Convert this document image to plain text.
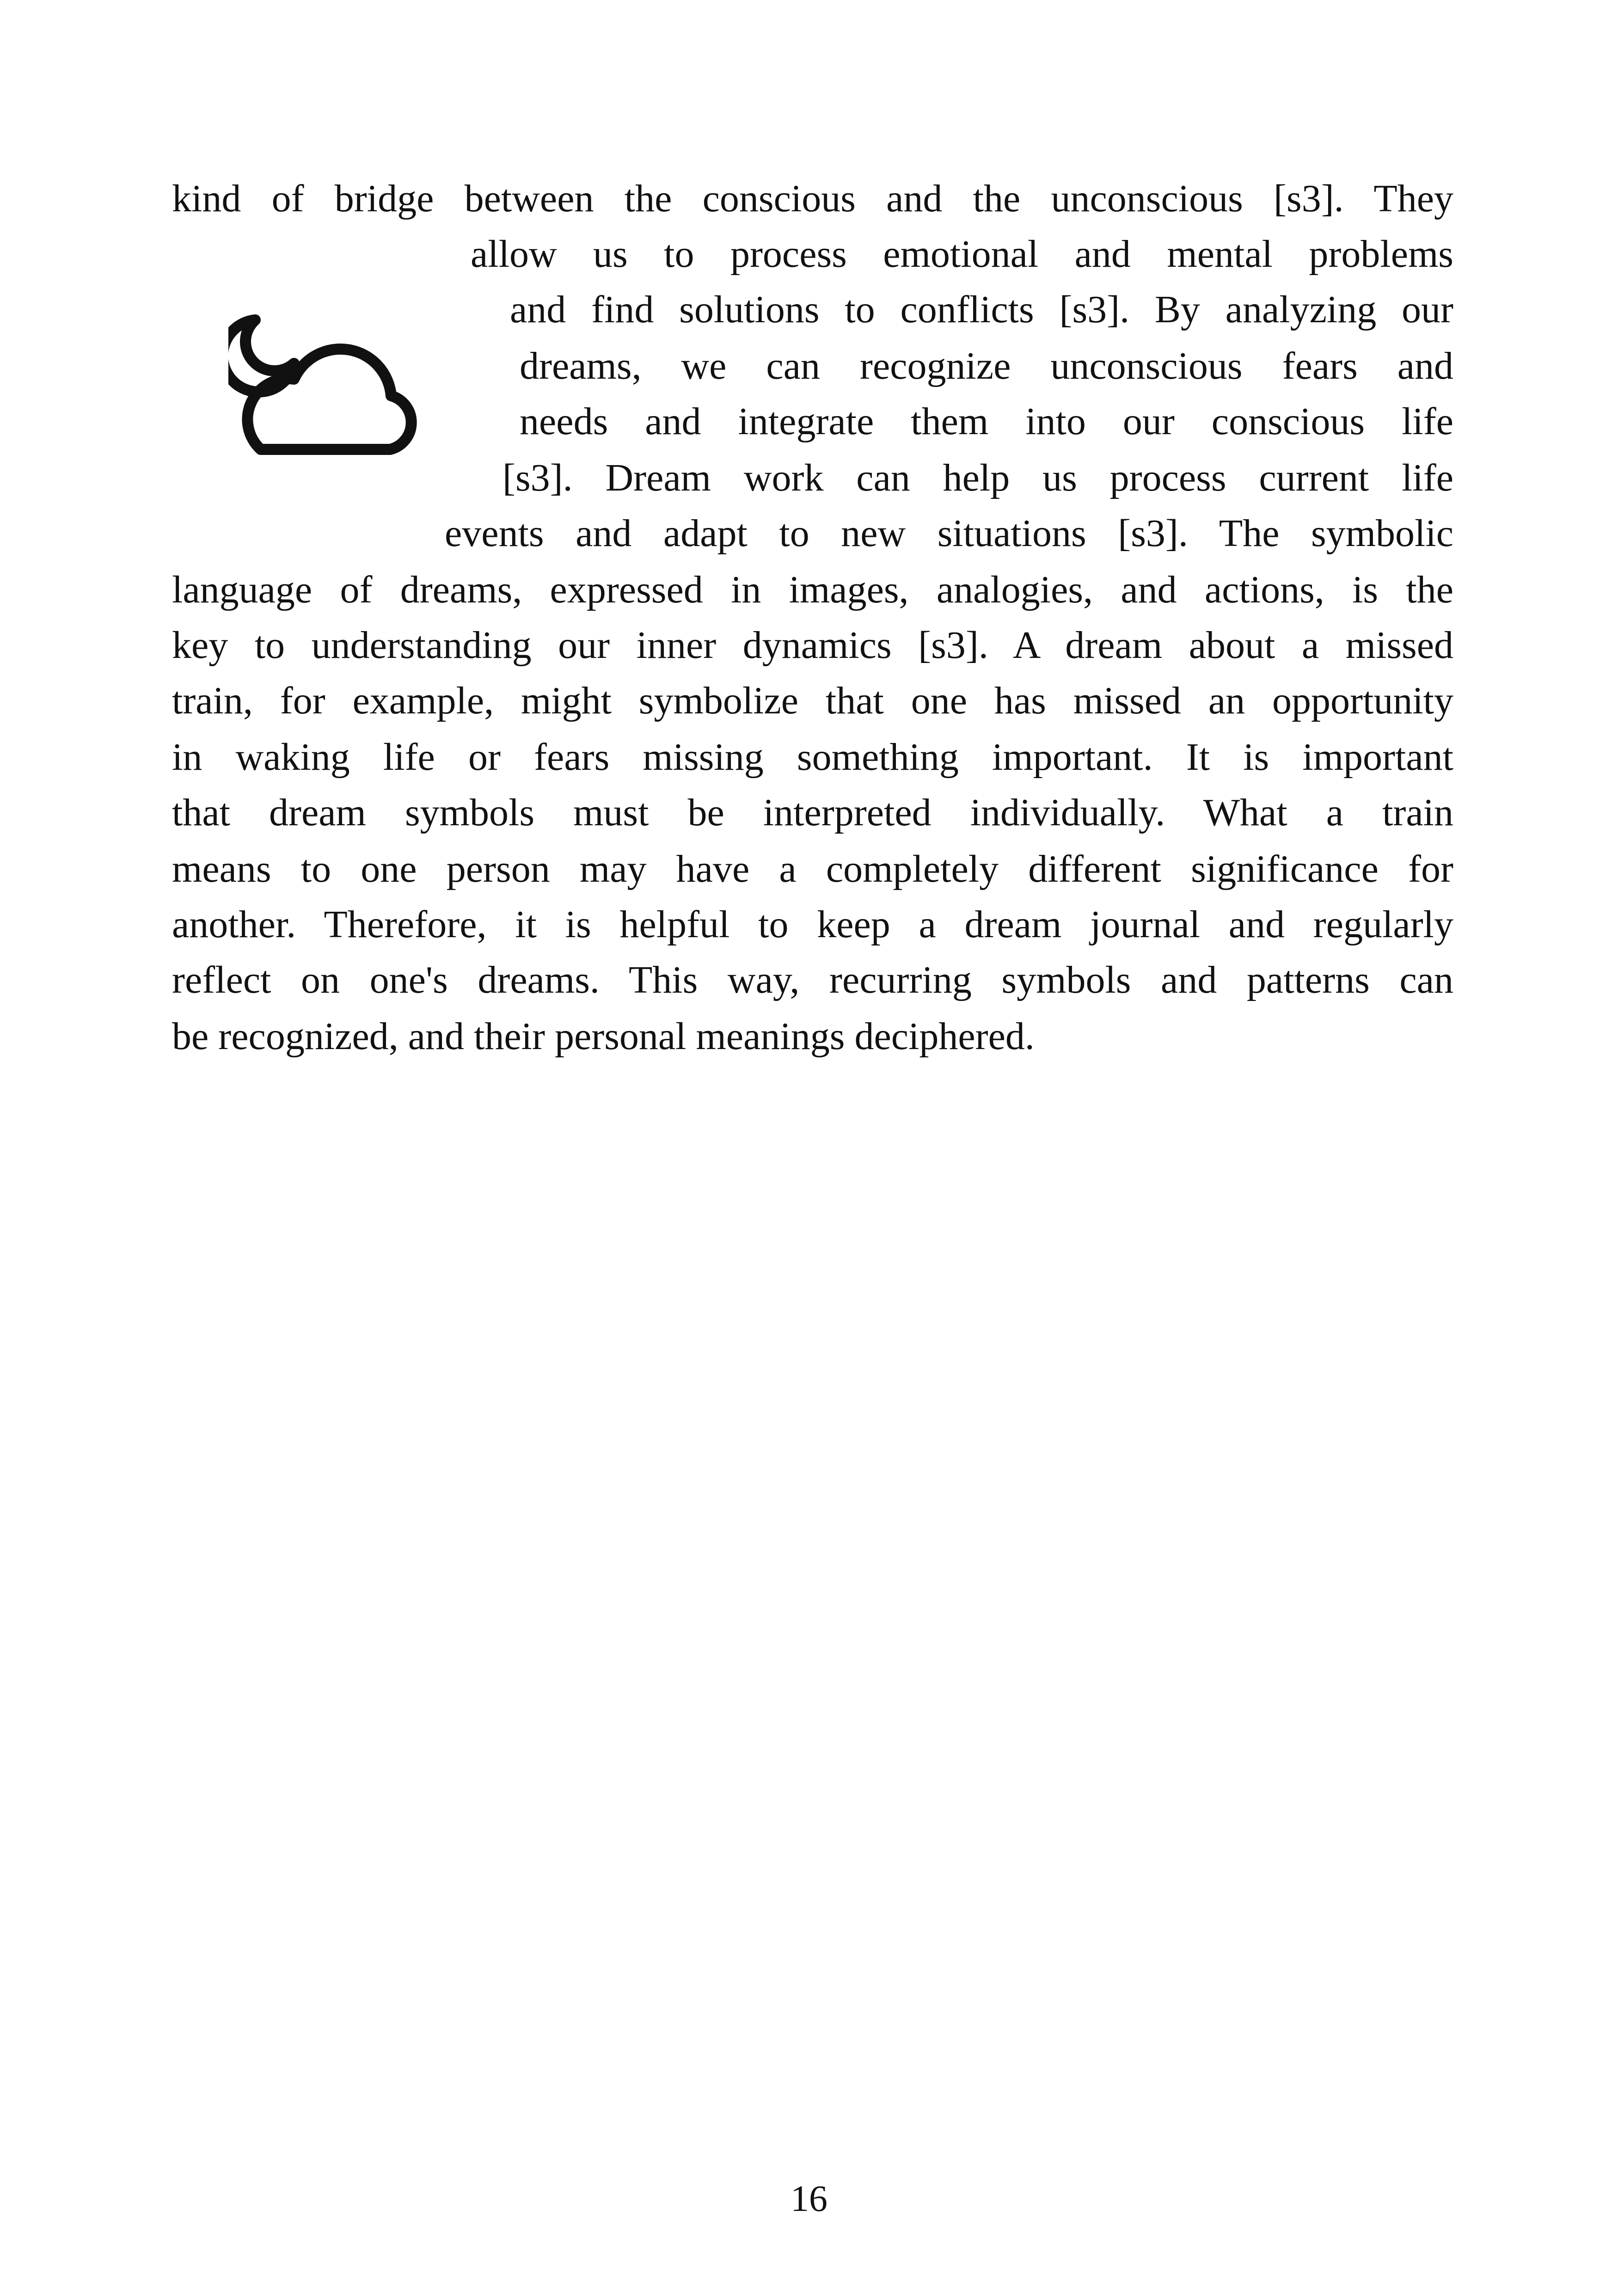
kind of bridge between the conscious and the unconscious [s3]. They
allow us to process emotional and mental problems
and find solutions to conflicts [s3]. By analyzing our
dreams, we can recognize unconscious fears and
needs and integrate them into our conscious life
[s3]. Dream work can help us process current life
events and adapt to new situations [s3]. The symbolic
language of dreams, expressed in images, analogies, and actions, is the
key to understanding our inner dynamics [s3]. A dream about a missed
train, for example, might symbolize that one has missed an opportunity
in waking life or fears missing something important. It is important
that dream symbols must be interpreted individually. What a train
means to one person may have a completely different significance for
another. Therefore, it is helpful to keep a dream journal and regularly
reflect on one's dreams. This way, recurring symbols and patterns can
be recognized, and their personal meanings deciphered.
16
